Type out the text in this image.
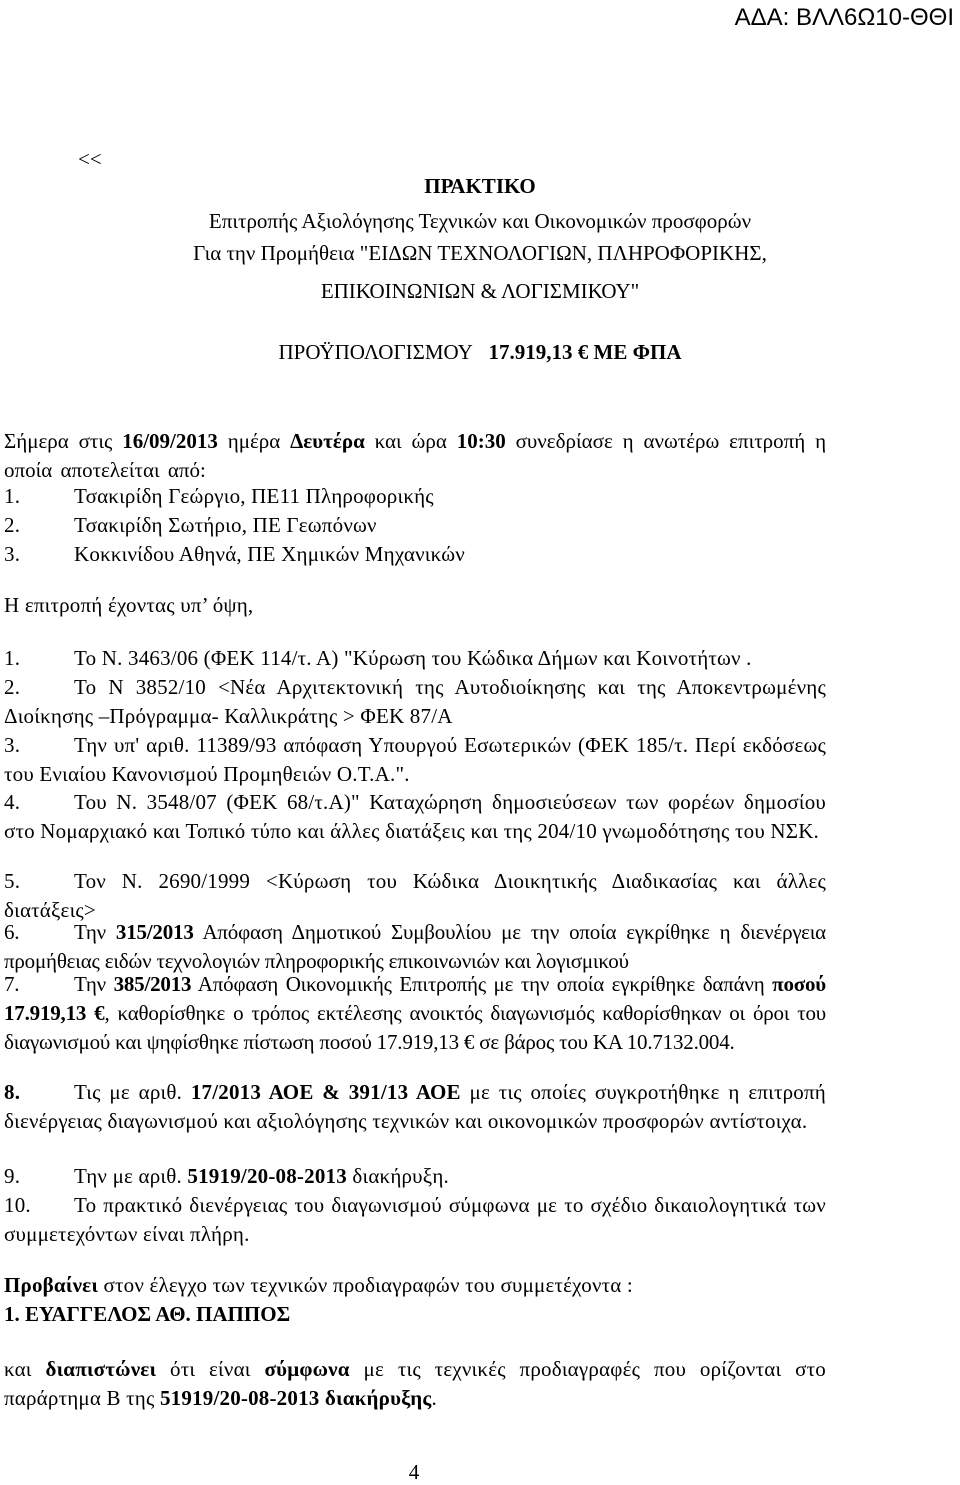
ΑΔΑ: ΒΛΛ6Ω10-ΘΘΙ
<<
ΠΡΑΚΤΙΚΟ
Επιτροπής Αξιολόγησης Τεχνικών και Οικονομικών προσφορών
Για την Προμήθεια "ΕΙΔΩΝ ΤΕΧΝΟΛΟΓΙΩΝ, ΠΛΗΡΟΦΟΡΙΚΗΣ,
ΕΠΙΚΟΙΝΩΝΙΩΝ & ΛΟΓΙΣΜΙΚΟΥ"
ΠΡΟΫΠΟΛΟΓΙΣΜΟΥ 17.919,13 € ΜΕ ΦΠΑ

Σήμερα στις 16/09/2013 ημέρα Δευτέρα και ώρα 10:30 συνεδρίασε η ανωτέρω επιτροπή η οποία αποτελείται από:

1.	Τσακιρίδη Γεώργιο, ΠΕ11 Πληροφορικής
2.	Τσακιρίδη Σωτήριο, ΠΕ Γεωπόνων
3.	Κοκκινίδου Αθηνά, ΠΕ Χημικών Μηχανικών
Η επιτροπή έχοντας υπ’ όψη,

1.	Το Ν. 3463/06 (ΦΕΚ 114/τ. Α) "Κύρωση του Κώδικα Δήμων και Κοινοτήτων .

2.	Το Ν 3852/10 <Νέα Αρχιτεκτονική της Αυτοδιοίκησης και της Αποκεντρωμένης Διοίκησης –Πρόγραμμα- Καλλικράτης > ΦΕΚ 87/Α

3.	Την υπ' αριθ. 11389/93 απόφαση Υπουργού Εσωτερικών (ΦΕΚ 185/τ. Περί εκδόσεως του Ενιαίου Κανονισμού Προμηθειών Ο.Τ.Α.".

4.	Του Ν. 3548/07 (ΦΕΚ 68/τ.Α)" Καταχώρηση δημοσιεύσεων των φορέων δημοσίου στο Νομαρχιακό και Τοπικό τύπο και άλλες διατάξεις και της 204/10 γνωμοδότησης του ΝΣΚ.

5.	Τον Ν. 2690/1999 <Κύρωση του Κώδικα Διοικητικής Διαδικασίας και άλλες διατάξεις>

6.	Την 315/2013 Απόφαση Δημοτικού Συμβουλίου με την οποία εγκρίθηκε η διενέργεια προμήθειας ειδών τεχνολογιών πληροφορικής επικοινωνιών και λογισμικού

7.	Την 385/2013 Απόφαση Οικονομικής Επιτροπής με την οποία εγκρίθηκε δαπάνη ποσού 17.919,13 €, καθορίσθηκε ο τρόπος εκτέλεσης ανοικτός διαγωνισμός καθορίσθηκαν οι όροι του διαγωνισμού και ψηφίσθηκε πίστωση ποσού 17.919,13 € σε βάρος του ΚΑ 10.7132.004.

8.	Τις με αριθ. 17/2013 ΑΟΕ & 391/13 ΑΟΕ με τις οποίες συγκροτήθηκε η επιτροπή διενέργειας διαγωνισμού και αξιολόγησης τεχνικών και οικονομικών προσφορών αντίστοιχα.

9.	Την με αριθ. 51919/20-08-2013 διακήρυξη.

10. Το πρακτικό διενέργειας του διαγωνισμού σύμφωνα με το σχέδιο δικαιολογητικά των συμμετεχόντων είναι πλήρη.

Προβαίνει στον έλεγχο των τεχνικών προδιαγραφών του συμμετέχοντα :
1. ΕΥΑΓΓΕΛΟΣ ΑΘ. ΠΑΠΠΟΣ

και διαπιστώνει ότι είναι σύμφωνα με τις τεχνικές προδιαγραφές που ορίζονται στο παράρτημα Β της 51919/20-08-2013 διακήρυξης.

4
